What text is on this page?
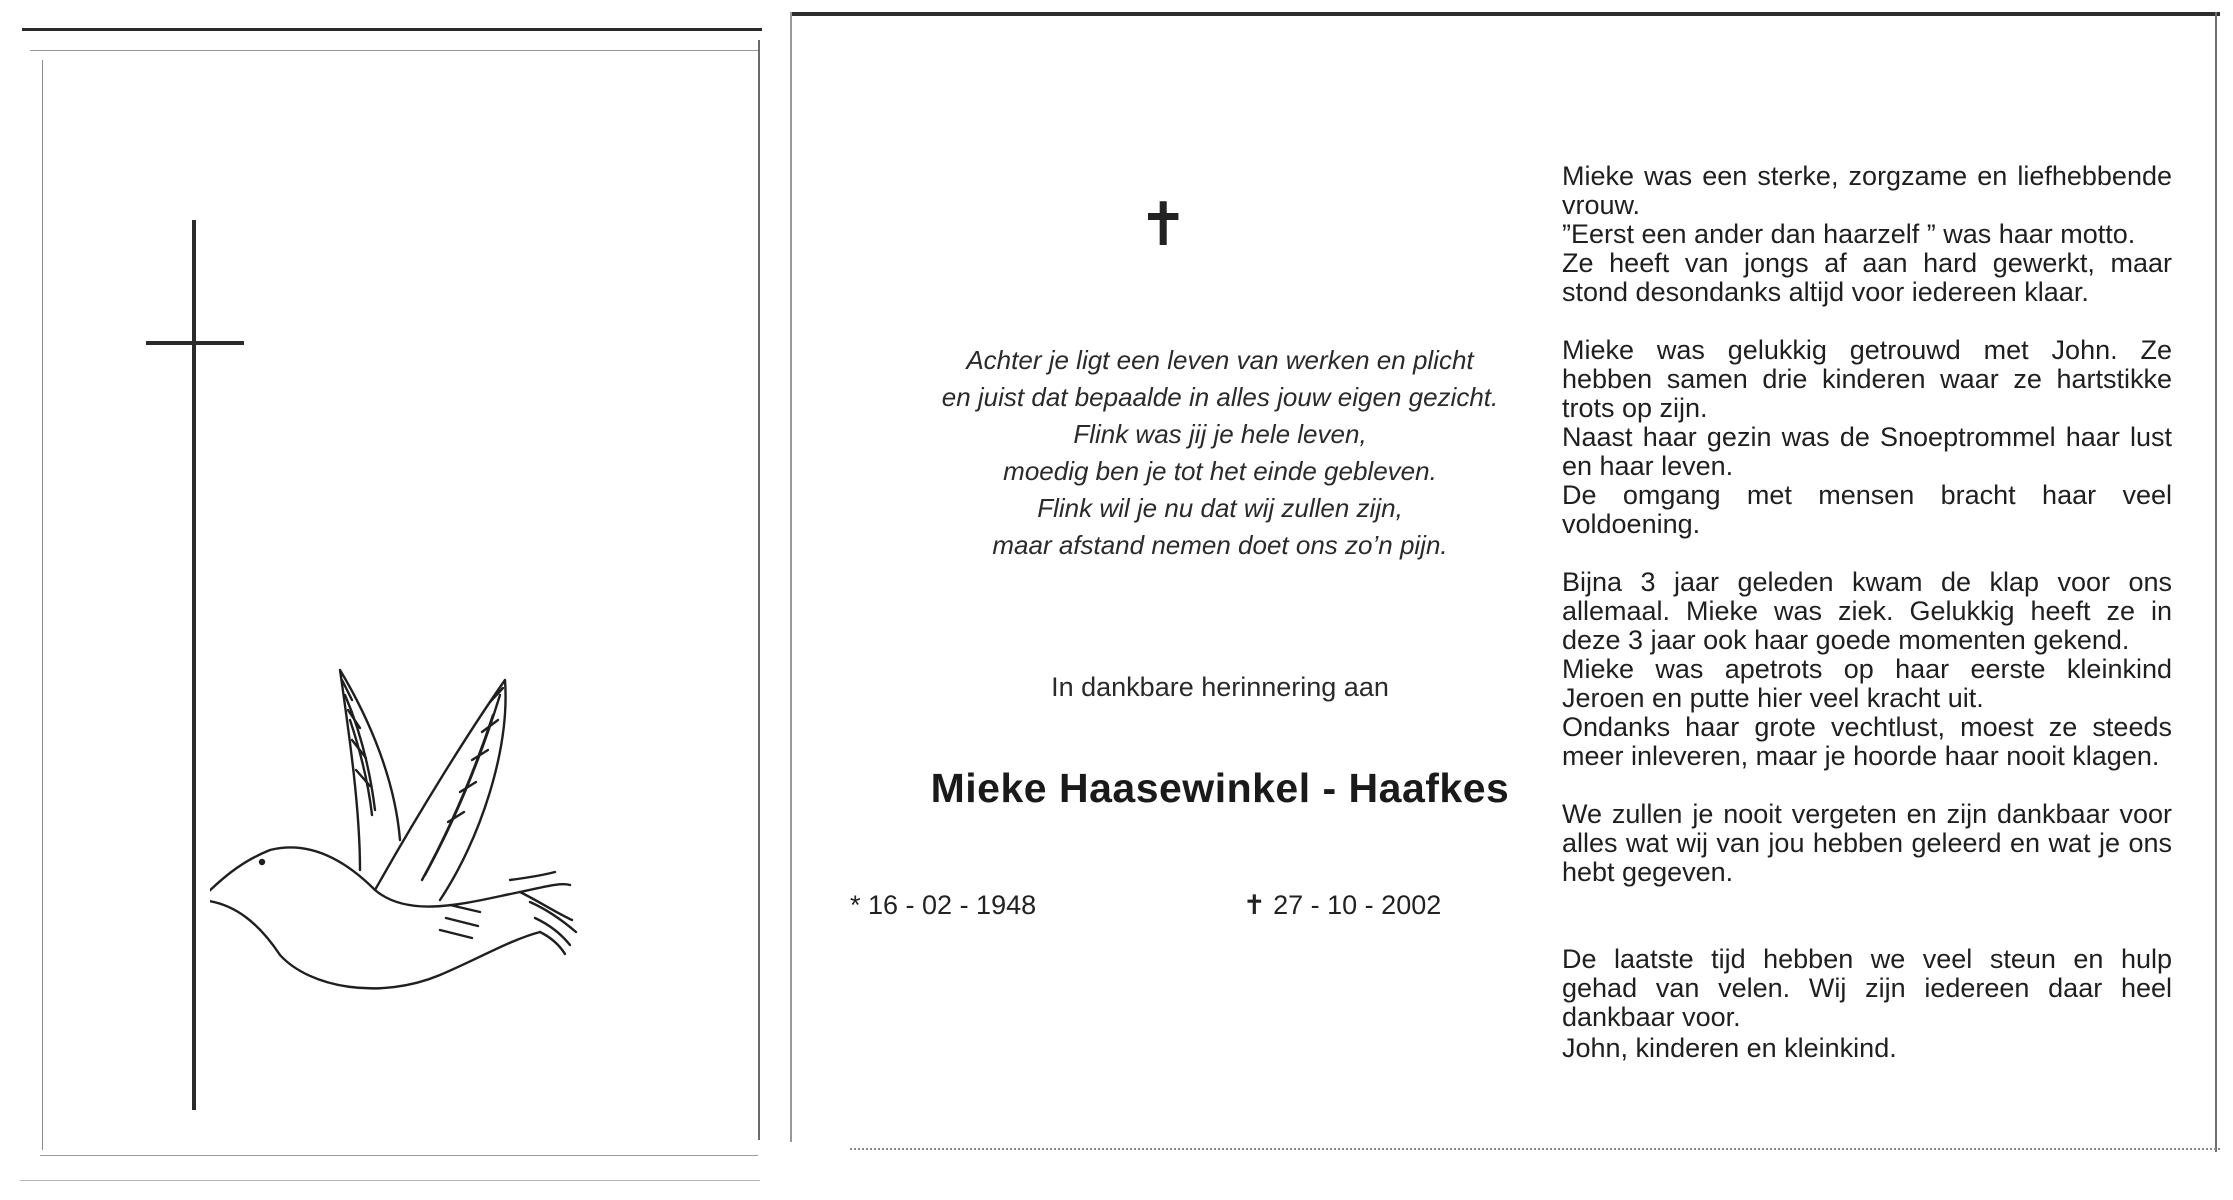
✝
Achter je ligt een leven van werken en plicht
en juist dat bepaalde in alles jouw eigen gezicht.
Flink was jij je hele leven,
moedig ben je tot het einde gebleven.
Flink wil je nu dat wij zullen zijn,
maar afstand nemen doet ons zo’n pijn.
In dankbare herinnering aan
Mieke Haasewinkel - Haafkes
* 16 - 02 - 1948	✝ 27 - 10 - 2002

Mieke was een sterke, zorgzame en liefhebbende vrouw.

”Eerst een ander dan haarzelf ” was haar motto.

Ze heeft van jongs af aan hard gewerkt, maar stond desondanks altijd voor iedereen klaar.

Mieke was gelukkig getrouwd met John. Ze hebben samen drie kinderen waar ze hartstikke trots op zijn.

Naast haar gezin was de Snoeptrommel haar lust en haar leven.

De omgang met mensen bracht haar veel voldoening.

Bijna 3 jaar geleden kwam de klap voor ons allemaal. Mieke was ziek. Gelukkig heeft ze in deze 3 jaar ook haar goede momenten gekend.

Mieke was apetrots op haar eerste kleinkind Jeroen en putte hier veel kracht uit.

Ondanks haar grote vechtlust, moest ze steeds meer inleveren, maar je hoorde haar nooit klagen.

We zullen je nooit vergeten en zijn dankbaar voor alles wat wij van jou hebben geleerd en wat je ons hebt gegeven.

De laatste tijd hebben we veel steun en hulp gehad van velen. Wij zijn iedereen daar heel dankbaar voor.

John, kinderen en kleinkind.
